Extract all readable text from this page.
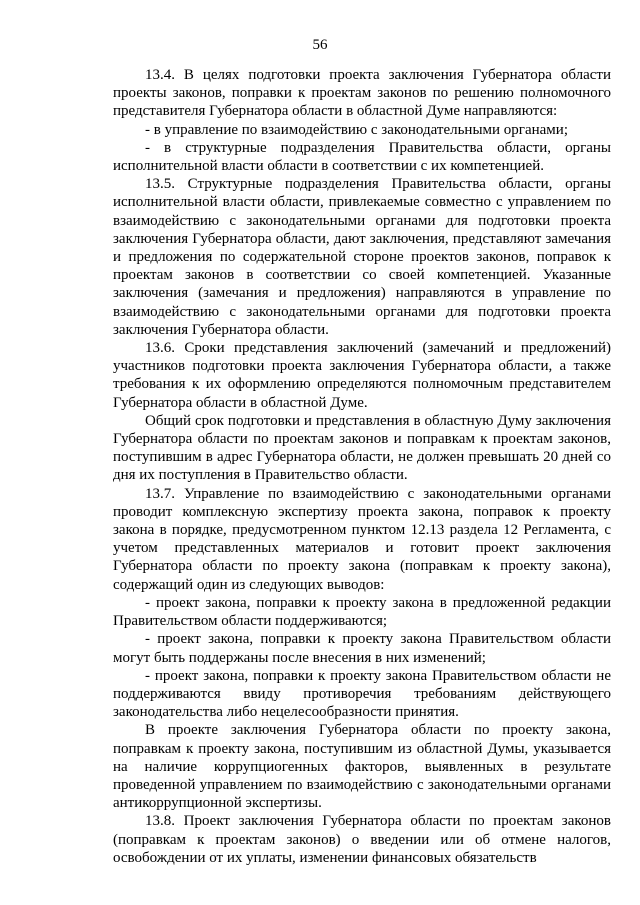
56

13.4. В целях подготовки проекта заключения Губернатора области проекты законов, поправки к проектам законов по решению полномочного представителя Губернатора области в областной Думе направляются:

- в управление по взаимодействию с законодательными органами;

- в структурные подразделения Правительства области, органы исполнительной власти области в соответствии с их компетенцией.

13.5. Структурные подразделения Правительства области, органы исполнительной власти области, привлекаемые совместно с управлением по взаимодействию с законодательными органами для подготовки проекта заключения Губернатора области, дают заключения, представляют замечания и предложения по содержательной стороне проектов законов, поправок к проектам законов в соответствии со своей компетенцией. Указанные заключения (замечания и предложения) направляются в управление по взаимодействию с законодательными органами для подготовки проекта заключения Губернатора области.

13.6. Сроки представления заключений (замечаний и предложений) участников подготовки проекта заключения Губернатора области, а также требования к их оформлению определяются полномочным представителем Губернатора области в областной Думе.

Общий срок подготовки и представления в областную Думу заключения Губернатора области по проектам законов и поправкам к проектам законов, поступившим в адрес Губернатора области, не должен превышать 20 дней со дня их поступления в Правительство области.

13.7. Управление по взаимодействию с законодательными органами проводит комплексную экспертизу проекта закона, поправок к проекту закона в порядке, предусмотренном пунктом 12.13 раздела 12 Регламента, с учетом представленных материалов и готовит проект заключения Губернатора области по проекту закона (поправкам к проекту закона), содержащий один из следующих выводов:

- проект закона, поправки к проекту закона в предложенной редакции Правительством области поддерживаются;

- проект закона, поправки к проекту закона Правительством области могут быть поддержаны после внесения в них изменений;

- проект закона, поправки к проекту закона Правительством области не поддерживаются ввиду противоречия требованиям действующего законодательства либо нецелесообразности принятия.

В проекте заключения Губернатора области по проекту закона, поправкам к проекту закона, поступившим из областной Думы, указывается на наличие коррупциогенных факторов, выявленных в результате проведенной управлением по взаимодействию с законодательными органами антикоррупционной экспертизы.

13.8. Проект заключения Губернатора области по проектам законов (поправкам к проектам законов) о введении или об отмене налогов, освобождении от их уплаты, изменении финансовых обязательств
